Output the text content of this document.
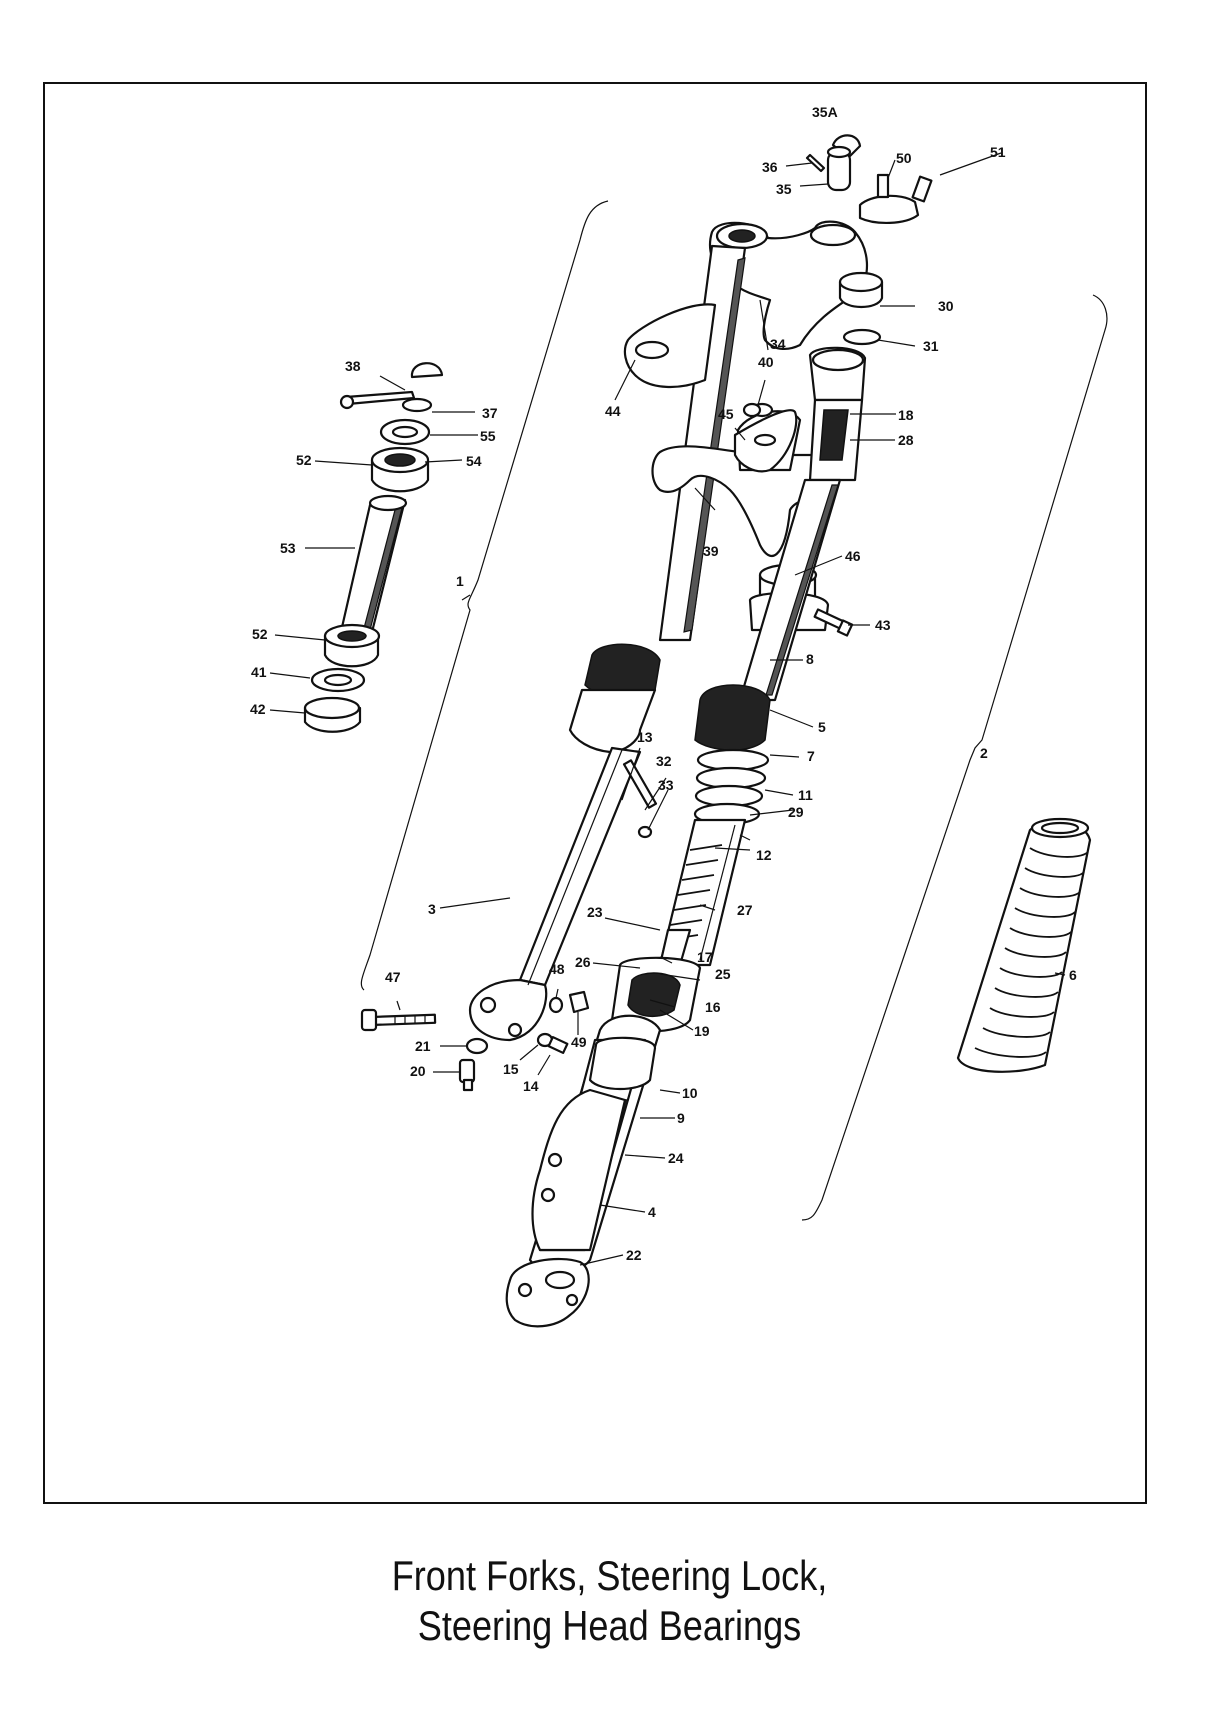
35A
36
35
50	51
30
31
34
40
44	45	18
28
38
37
55
54
52
53	39	46
1
43
8
52
41
42
5
13
32	7	2
33
11
29
12
3	27
23
17
26
25
47	48
16
6
21
19
49
15
20
14	10
9
24
4
22
Front Forks, Steering Lock,
Steering Head Bearings
